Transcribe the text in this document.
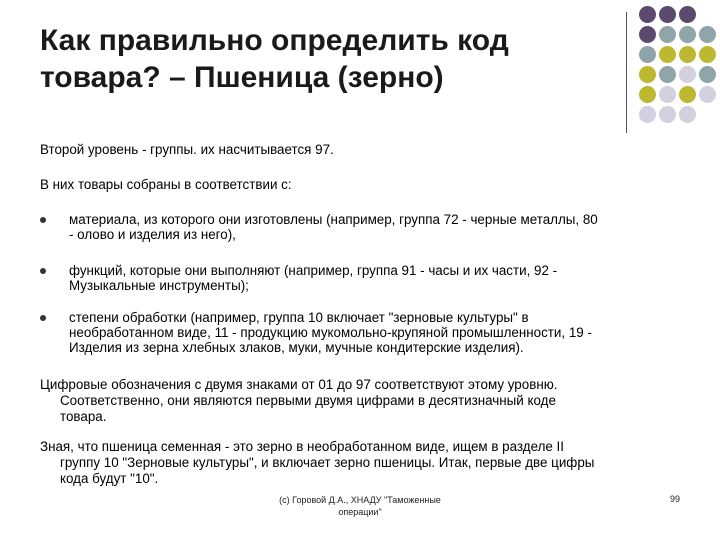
Как правильно определить код
товара? – Пшеница (зерно)
Второй уровень - группы. их насчитывается 97.
В них товары собраны в соответствии с:
материала, из которого они изготовлены (например, группа 72 - черные металлы, 80
- олово и изделия из него),
функций, которые они выполняют (например, группа 91 - часы и их части, 92 -
Музыкальные инструменты);
степени обработки (например, группа 10 включает "зерновые культуры" в
необработанном виде, 11 - продукцию мукомольно-крупяной промышленности, 19 -
Изделия из зерна хлебных злаков, муки, мучные кондитерские изделия).
Цифровые обозначения с двумя знаками от 01 до 97 соответствуют этому уровню.
Соответственно, они являются первыми двумя цифрами в десятизначный коде
товара.
Зная, что пшеница семенная - это зерно в необработанном виде, ищем в разделе II
группу 10 "Зерновые культуры", и включает зерно пшеницы. Итак, первые две цифры
кода будут "10".
(с) Горовой Д.А., ХНАДУ "Таможенные
операции"
99
